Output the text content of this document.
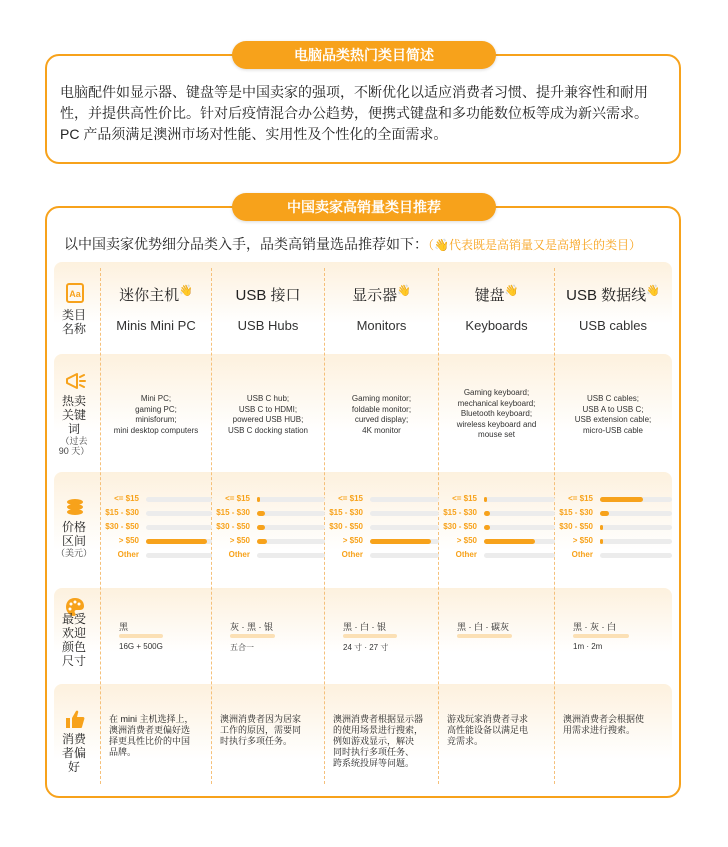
电脑品类热门类目简述
电脑配件如显示器、键盘等是中国卖家的强项，不断优化以适应消费者习惯、提升兼容性和耐用
性，并提供高性价比。针对后疫情混合办公趋势，便携式键盘和多功能数位板等成为新兴需求。
PC 产品须满足澳洲市场对性能、实用性及个性化的全面需求。
中国卖家高销量类目推荐
以中国卖家优势细分品类入手，品类高销量选品推荐如下：（👋代表既是高销量又是高增长的类目）
Aa
类目
名称
热卖
关键
词
（过去
90 天）
价格
区间
（美元）
最受
欢迎
颜色
尺寸
消费
者偏
好
迷你主机👋
Minis Mini PC
Mini PC;
gaming PC;
minisforum;
mini desktop computers
<= $15
$15 - $30
$30 - $50
> $50
Other
黑
16G + 500G
在 mini 主机选择上，
澳洲消费者更偏好选
择更具性比价的中国
品牌。
USB 接口
USB Hubs
USB C hub;
USB C to HDMI;
powered USB HUB;
USB C docking station
<= $15
$15 - $30
$30 - $50
> $50
Other
灰 · 黑 · 银
五合一
澳洲消费者因为居家
工作的原因，需要同
时执行多项任务。
显示器👋
Monitors
Gaming monitor;
foldable monitor;
curved display;
4K monitor
<= $15
$15 - $30
$30 - $50
> $50
Other
黑 · 白 · 银
24 寸 · 27 寸
澳洲消费者根据显示器
的使用场景进行搜索，
例如游戏显示，解决
同时执行多项任务、
跨系统投屏等问题。
键盘👋
Keyboards
Gaming keyboard;
mechanical keyboard;
Bluetooth keyboard;
wireless keyboard and
mouse set
<= $15
$15 - $30
$30 - $50
> $50
Other
黑 · 白 · 碳灰
游戏玩家消费者寻求
高性能设备以满足电
竞需求。
USB 数据线👋
USB cables
USB C cables;
USB A to USB C;
USB extension cable;
micro-USB cable
<= $15
$15 - $30
$30 - $50
> $50
Other
黑 · 灰 · 白
1m · 2m
澳洲消费者会根据使
用需求进行搜索。
